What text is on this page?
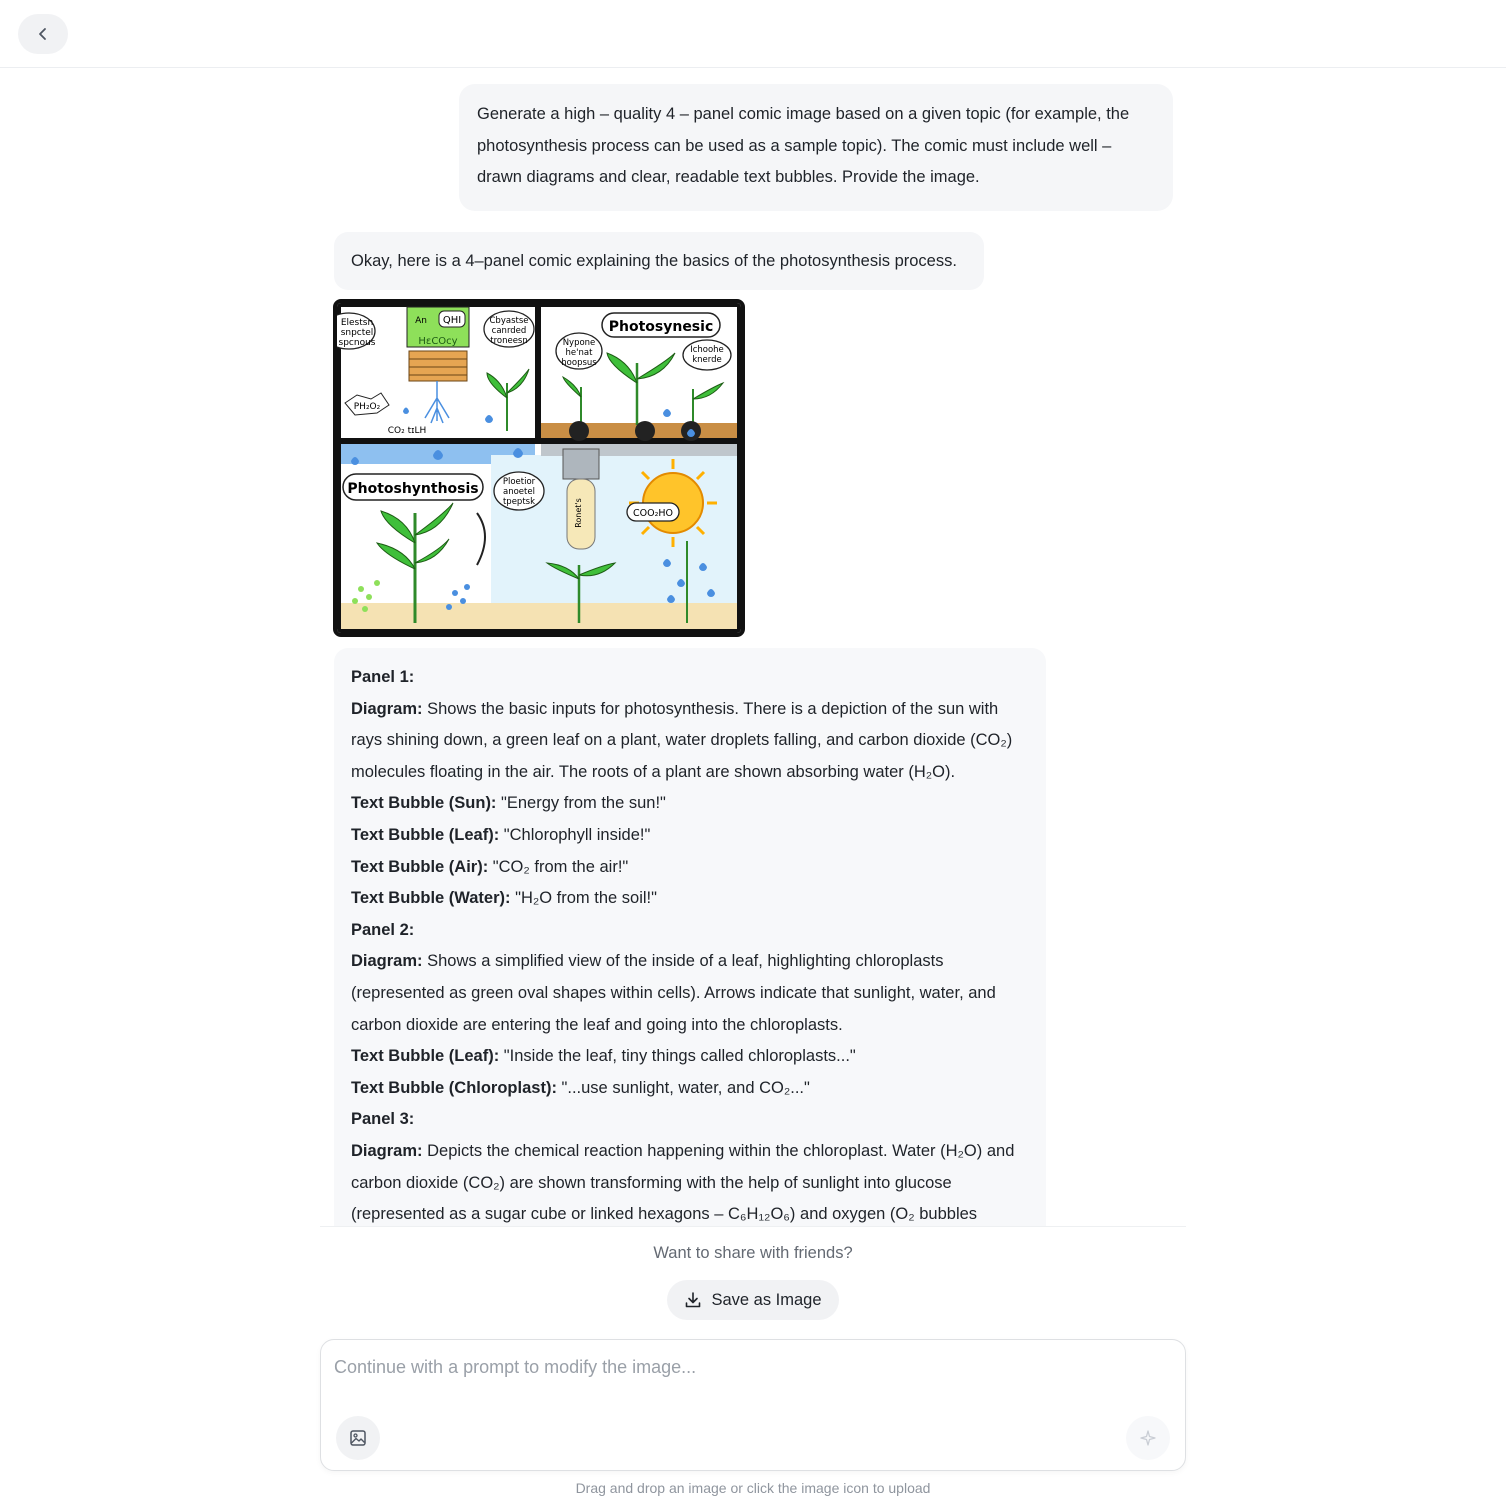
Generate a high – quality 4 – panel comic image based on a given topic (for example, the photosynthesis process can be used as a sample topic). The comic must include well – drawn diagrams and clear, readable text bubbles. Provide the image.
Okay, here is a 4–panel comic explaining the basics of the photosynthesis process.
Elestsn
snpctel
spcnous
An QHI
HɛCOcy
Cbyastse
canrded
troneesn
PH₂O₂
CO₂ tɪLH
Photosynesic
Nypone
he'nat
hoopsus
Ichoohe
knerde
Photoshynthosis	Ploetior
anoetel
tpeptsk	Ronet's	COO₂HO

Panel 1:

Diagram: Shows the basic inputs for photosynthesis. There is a depiction of the sun with rays shining down, a green leaf on a plant, water droplets falling, and carbon dioxide (CO₂) molecules floating in the air. The roots of a plant are shown absorbing water (H₂O).

Text Bubble (Sun): "Energy from the sun!"

Text Bubble (Leaf): "Chlorophyll inside!"

Text Bubble (Air): "CO₂ from the air!"

Text Bubble (Water): "H₂O from the soil!"

Panel 2:

Diagram: Shows a simplified view of the inside of a leaf, highlighting chloroplasts (represented as green oval shapes within cells). Arrows indicate that sunlight, water, and carbon dioxide are entering the leaf and going into the chloroplasts.

Text Bubble (Leaf): "Inside the leaf, tiny things called chloroplasts..."

Text Bubble (Chloroplast): "...use sunlight, water, and CO₂..."

Panel 3:

Diagram: Depicts the chemical reaction happening within the chloroplast. Water (H₂O) and carbon dioxide (CO₂) are shown transforming with the help of sunlight into glucose (represented as a sugar cube or linked hexagons – C₆H₁₂O₆) and oxygen (O₂ bubbles

Want to share with friends?
Save as Image
Continue with a prompt to modify the image...
Drag and drop an image or click the image icon to upload
